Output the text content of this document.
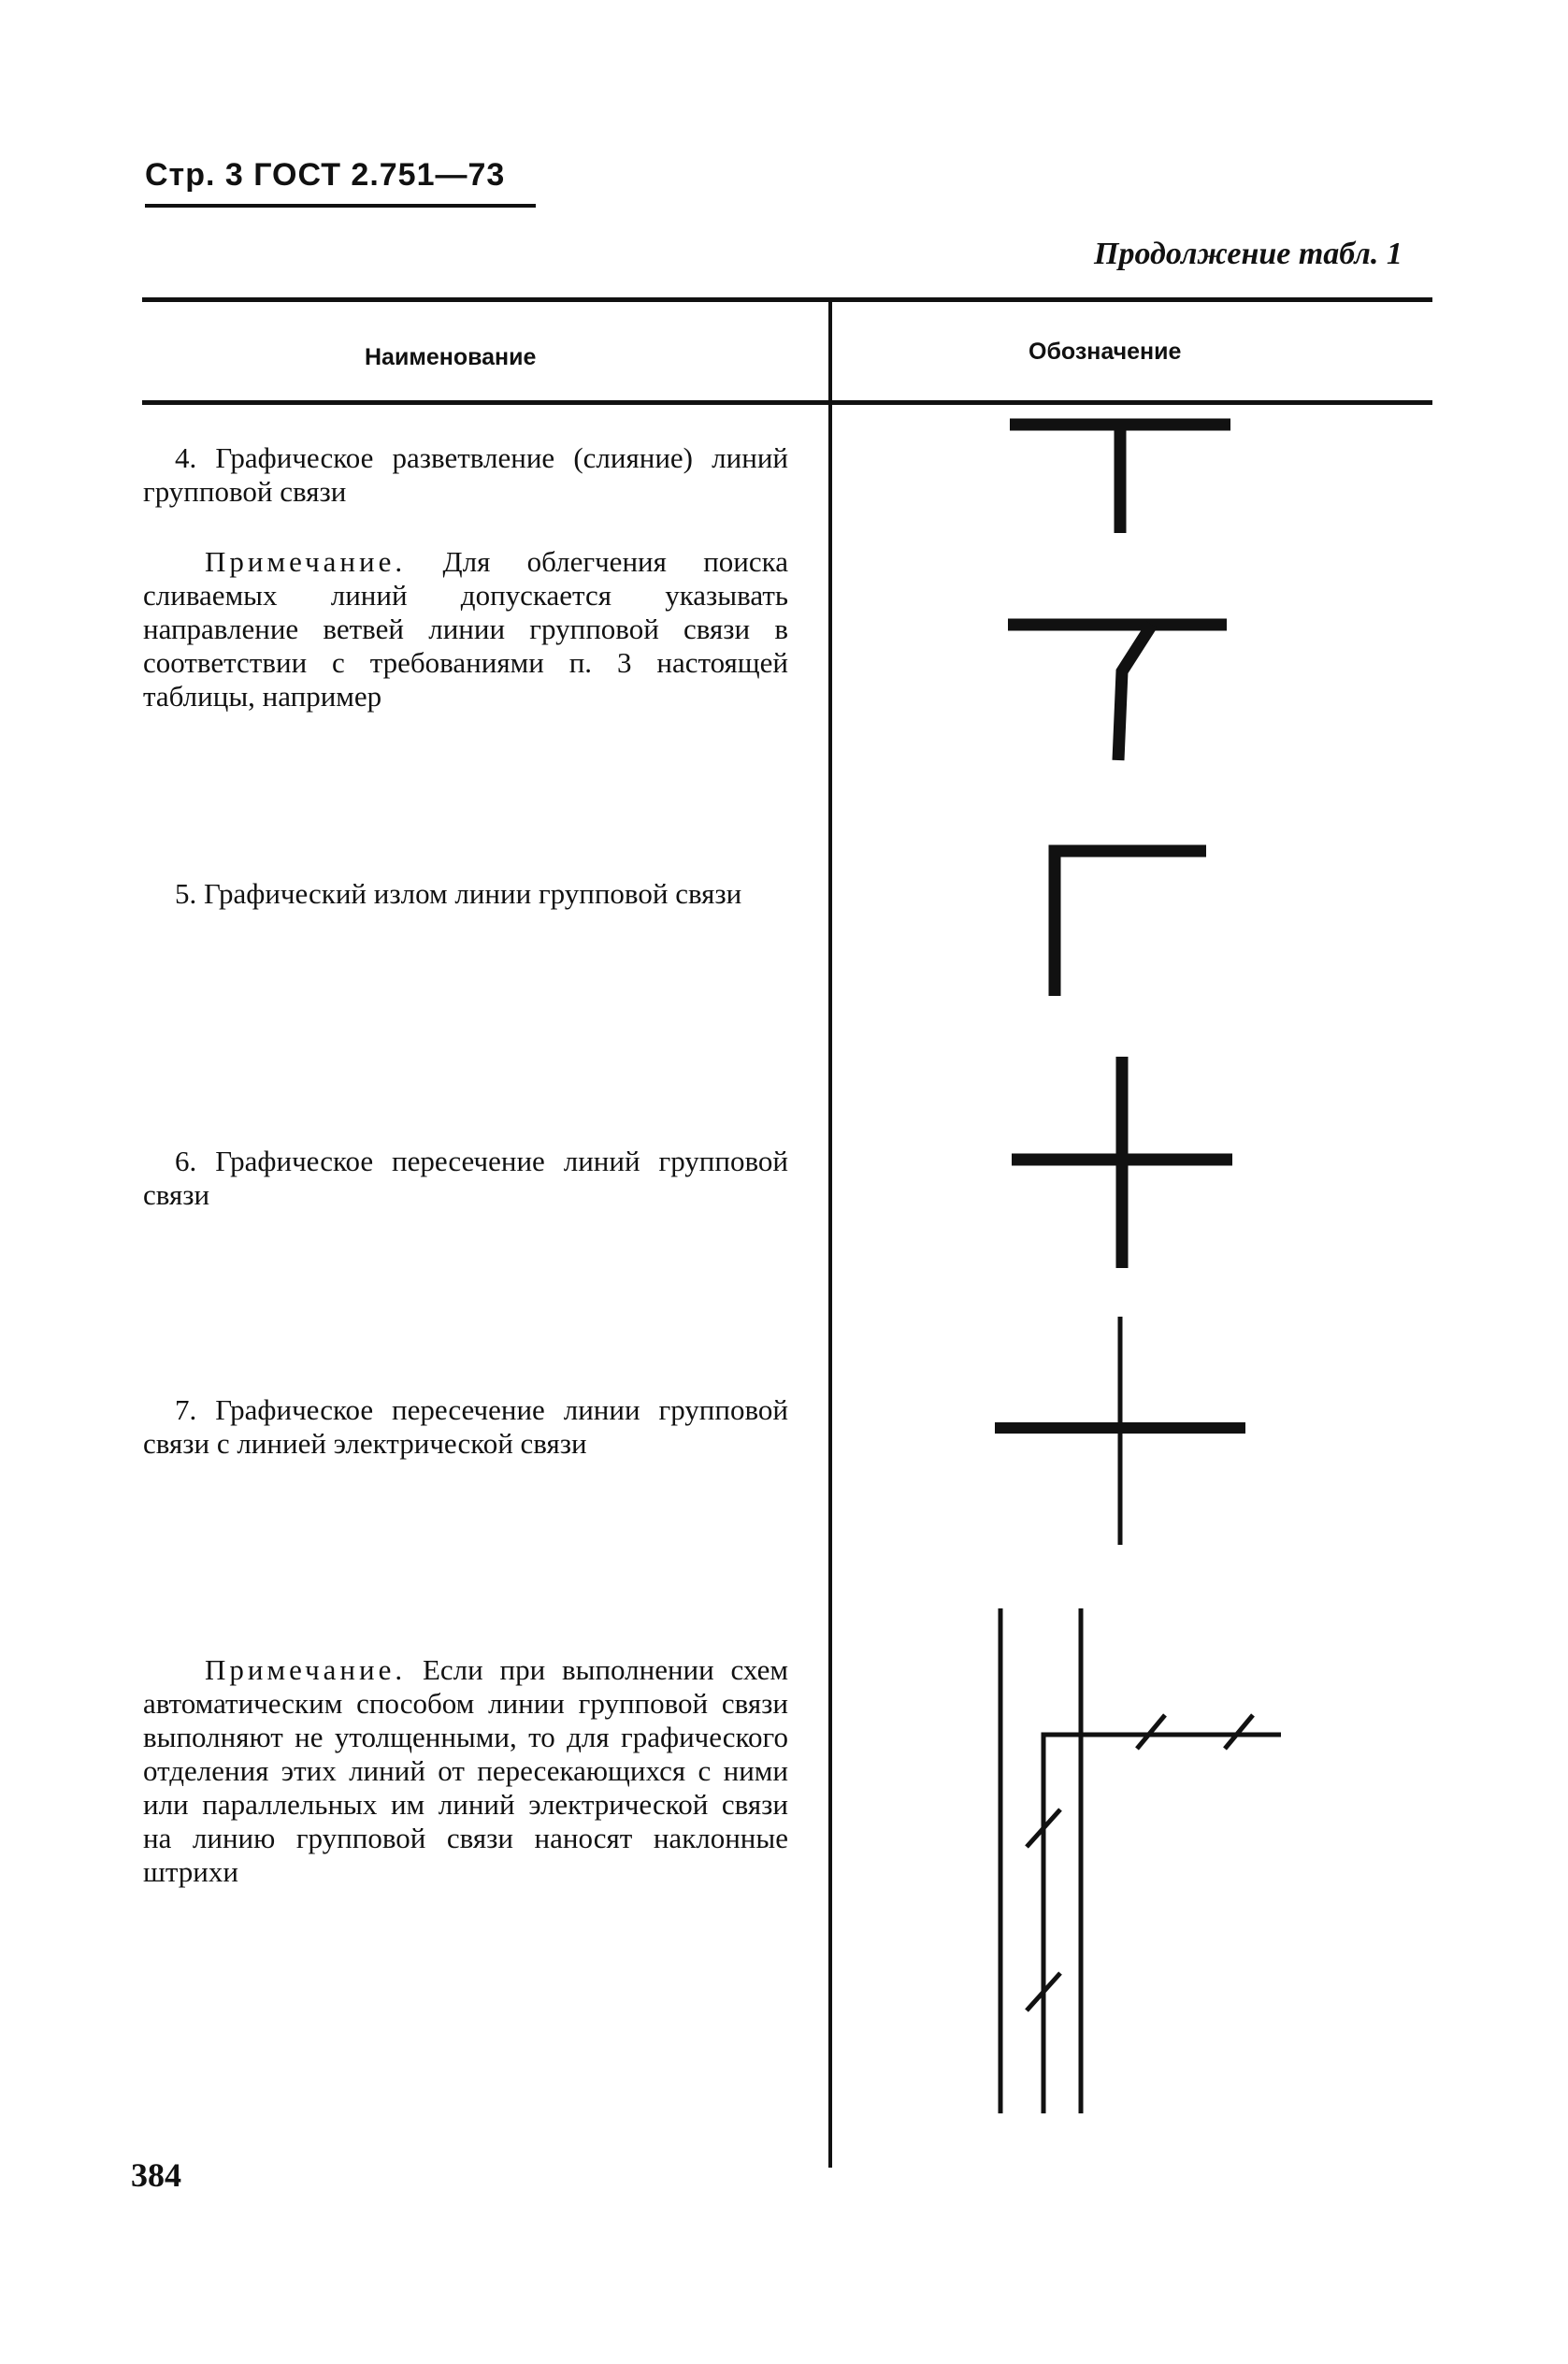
Стр. 3 ГОСТ 2.751—73
Продолжение табл. 1
Наименование	Обозначение
4. Графическое разветвление (слияние) линий групповой связи
Примечание. Для облегчения поиска сливаемых линий допускается указывать направление ветвей линии групповой связи в соответствии с требованиями п. 3 настоящей таблицы, например
5. Графический излом линии групповой связи
6. Графическое пересечение линий групповой связи
7. Графическое пересечение линии групповой связи с линией электрической связи
Примечание. Если при выполнении схем автоматическим способом линии групповой связи выполняют не утолщенными, то для графического отделения этих линий от пересекающихся с ними или параллельных им линий электрической связи на линию групповой связи наносят наклонные штрихи
384
